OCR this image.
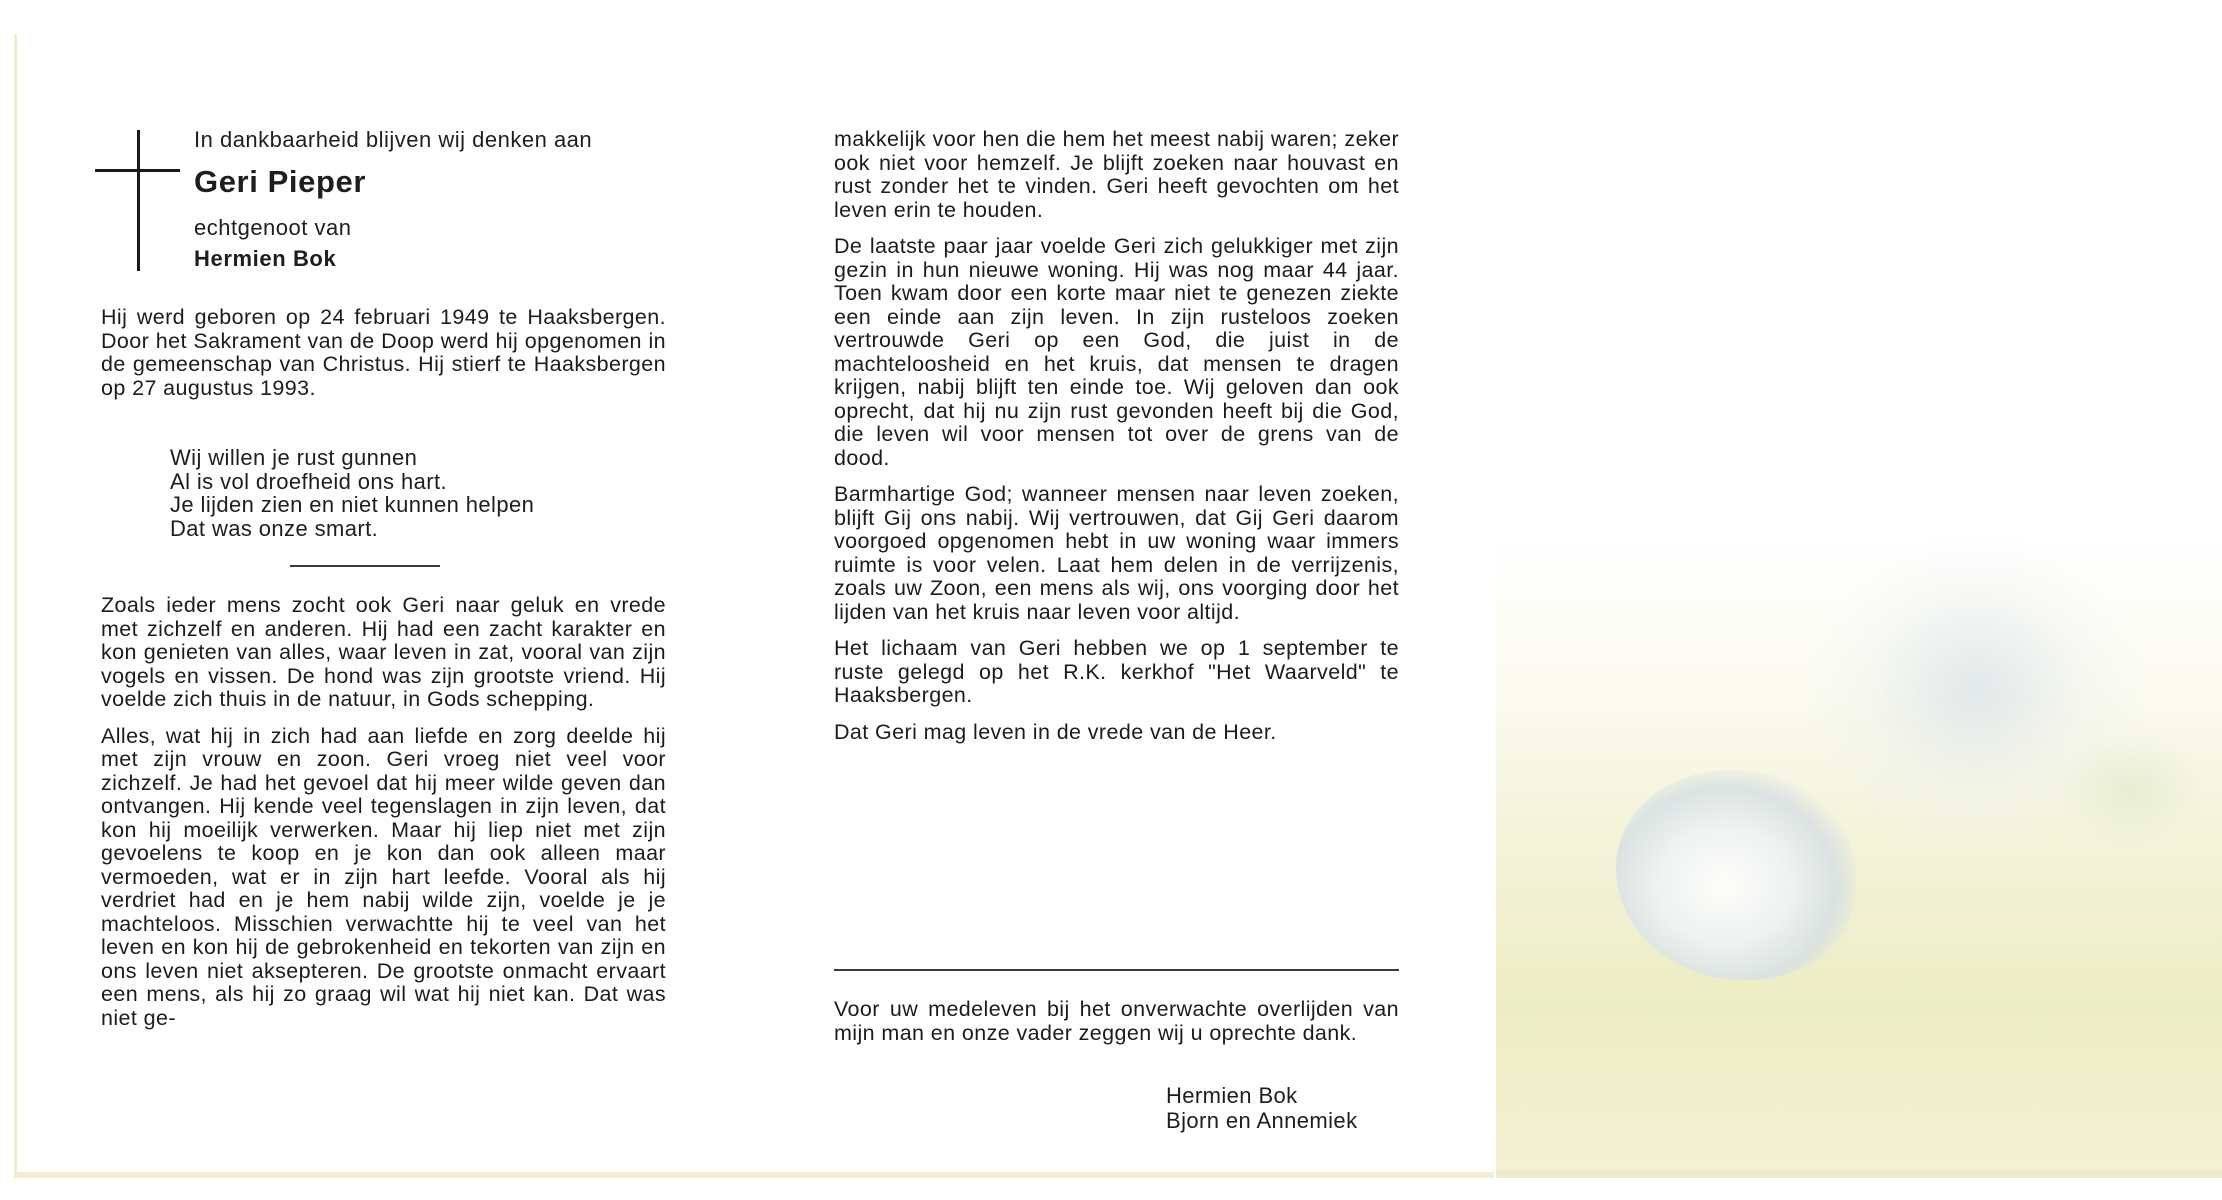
In dankbaarheid blijven wij denken aan
Geri Pieper
echtgenoot van
Hermien Bok

Hij werd geboren op 24 februari 1949 te Haaksbergen. Door het Sakrament van de Doop werd hij opgenomen in de gemeenschap van Christus. Hij stierf te Haaksbergen op 27 augustus 1993.

Wij willen je rust gunnen
Al is vol droefheid ons hart.
Je lijden zien en niet kunnen helpen
Dat was onze smart.

Zoals ieder mens zocht ook Geri naar geluk en vrede met zichzelf en anderen. Hij had een zacht karakter en kon genieten van alles, waar leven in zat, vooral van zijn vogels en vissen. De hond was zijn grootste vriend. Hij voelde zich thuis in de natuur, in Gods schepping.

Alles, wat hij in zich had aan liefde en zorg deelde hij met zijn vrouw en zoon. Geri vroeg niet veel voor zichzelf. Je had het gevoel dat hij meer wilde geven dan ontvangen. Hij kende veel tegenslagen in zijn leven, dat kon hij moeilijk verwerken. Maar hij liep niet met zijn gevoelens te koop en je kon dan ook alleen maar vermoeden, wat er in zijn hart leefde. Vooral als hij verdriet had en je hem nabij wilde zijn, voelde je je machteloos. Misschien verwachtte hij te veel van het leven en kon hij de gebrokenheid en tekorten van zijn en ons leven niet aksepteren. De grootste onmacht ervaart een mens, als hij zo graag wil wat hij niet kan. Dat was niet ge-

makkelijk voor hen die hem het meest nabij waren; zeker ook niet voor hemzelf. Je blijft zoeken naar houvast en rust zonder het te vinden. Geri heeft gevochten om het leven erin te houden.

De laatste paar jaar voelde Geri zich gelukkiger met zijn gezin in hun nieuwe woning. Hij was nog maar 44 jaar. Toen kwam door een korte maar niet te genezen ziekte een einde aan zijn leven. In zijn rusteloos zoeken vertrouwde Geri op een God, die juist in de machteloosheid en het kruis, dat mensen te dragen krijgen, nabij blijft ten einde toe. Wij geloven dan ook oprecht, dat hij nu zijn rust gevonden heeft bij die God, die leven wil voor mensen tot over de grens van de dood.

Barmhartige God; wanneer mensen naar leven zoeken, blijft Gij ons nabij. Wij vertrouwen, dat Gij Geri daarom voorgoed opgenomen hebt in uw woning waar immers ruimte is voor velen. Laat hem delen in de verrijzenis, zoals uw Zoon, een mens als wij, ons voorging door het lijden van het kruis naar leven voor altijd.

Het lichaam van Geri hebben we op 1 september te ruste gelegd op het R.K. kerkhof "Het Waarveld" te Haaksbergen.

Dat Geri mag leven in de vrede van de Heer.

Voor uw medeleven bij het onverwachte overlijden van mijn man en onze vader zeggen wij u oprechte dank.

Hermien Bok
Bjorn en Annemiek
